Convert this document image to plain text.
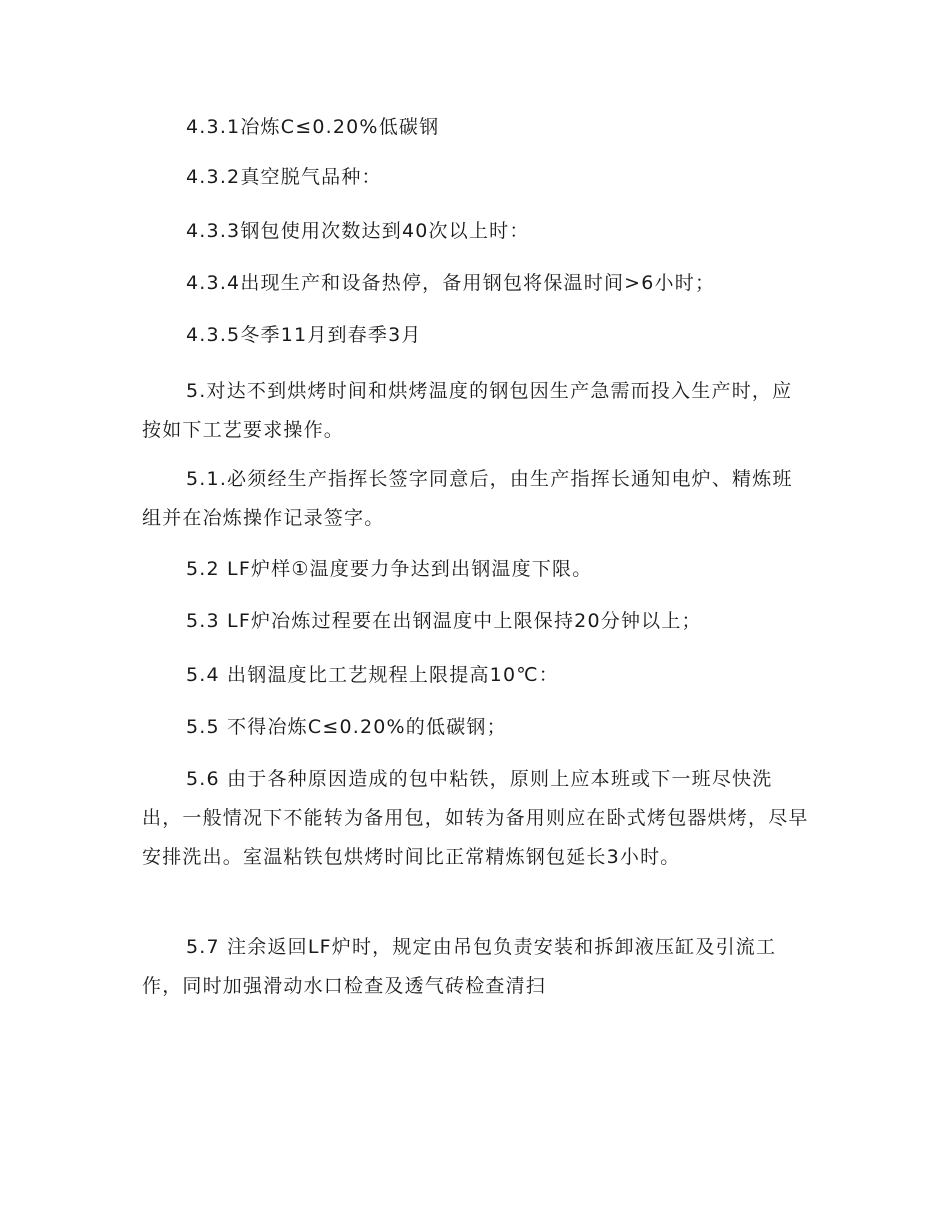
4.3.1冶炼C≤0.20%低碳钢

4.3.2真空脱气品种：

4.3.3钢包使用次数达到40次以上时：

4.3.4出现生产和设备热停，备用钢包将保温时间>6小时；

4.3.5冬季11月到春季3月

5.对达不到烘烤时间和烘烤温度的钢包因生产急需而投入生产时，应按如下工艺要求操作。

5.1.必须经生产指挥长签字同意后，由生产指挥长通知电炉、精炼班组并在冶炼操作记录签字。

5.2 LF炉样①温度要力争达到出钢温度下限。

5.3 LF炉冶炼过程要在出钢温度中上限保持20分钟以上；

5.4 出钢温度比工艺规程上限提高10℃：

5.5 不得冶炼C≤0.20%的低碳钢；

5.6 由于各种原因造成的包中粘铁，原则上应本班或下一班尽快洗出，一般情况下不能转为备用包，如转为备用则应在卧式烤包器烘烤，尽早安排洗出。室温粘铁包烘烤时间比正常精炼钢包延长3小时。

5.7 注余返回LF炉时，规定由吊包负责安装和拆卸液压缸及引流工作，同时加强滑动水口检查及透气砖检查清扫
